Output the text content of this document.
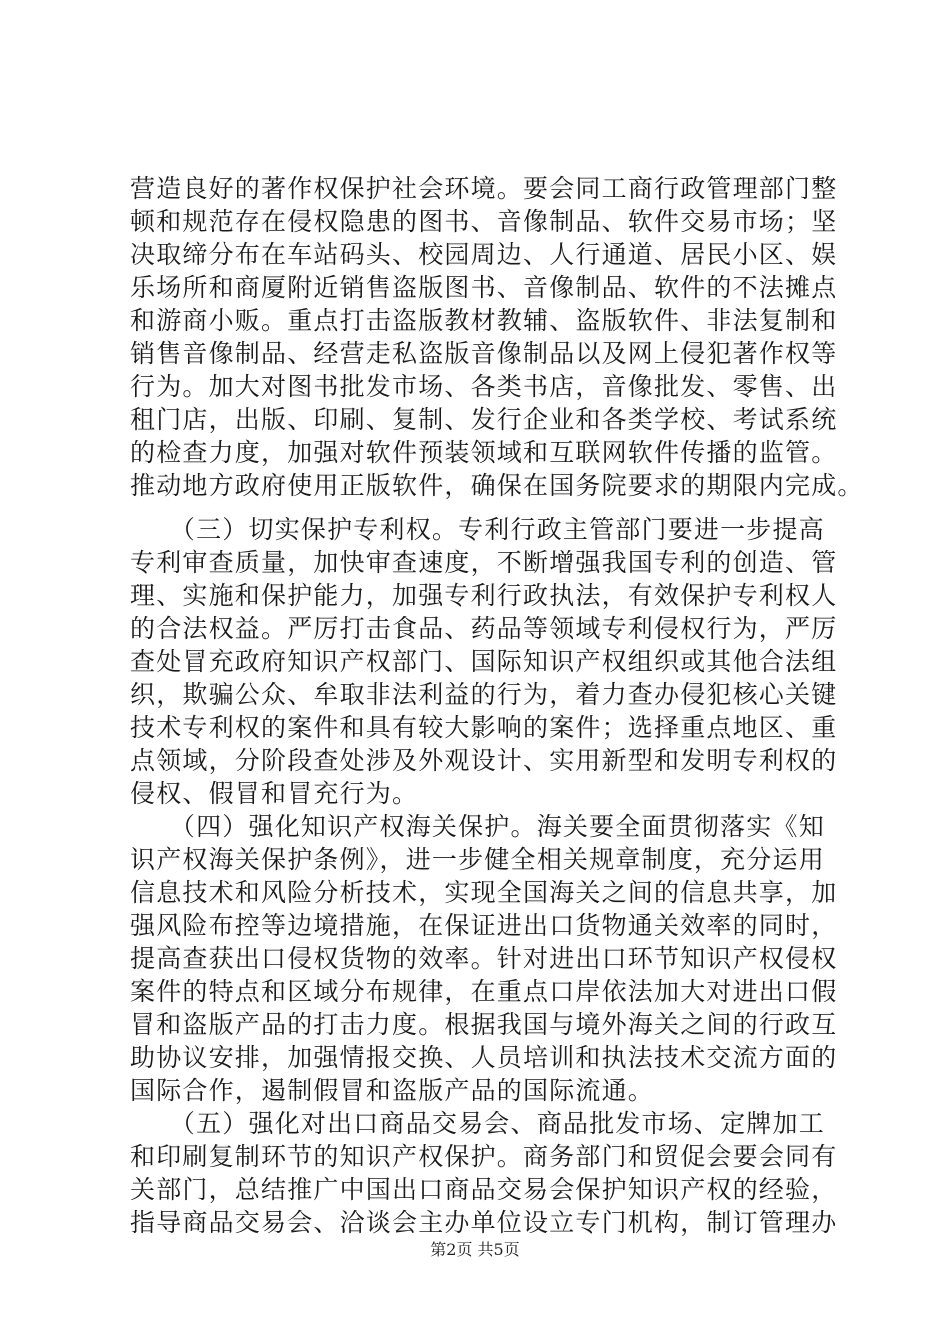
营造良好的著作权保护社会环境。要会同工商行政管理部门整
顿和规范存在侵权隐患的图书、音像制品、软件交易市场；坚
决取缔分布在车站码头、校园周边、人行通道、居民小区、娱
乐场所和商厦附近销售盗版图书、音像制品、软件的不法摊点
和游商小贩。重点打击盗版教材教辅、盗版软件、非法复制和
销售音像制品、经营走私盗版音像制品以及网上侵犯著作权等
行为。加大对图书批发市场、各类书店，音像批发、零售、出
租门店，出版、印刷、复制、发行企业和各类学校、考试系统
的检查力度，加强对软件预装领域和互联网软件传播的监管。
推动地方政府使用正版软件，确保在国务院要求的期限内完成。
　　（三）切实保护专利权。专利行政主管部门要进一步提高
专利审查质量，加快审查速度，不断增强我国专利的创造、管
理、实施和保护能力，加强专利行政执法，有效保护专利权人
的合法权益。严厉打击食品、药品等领域专利侵权行为，严厉
查处冒充政府知识产权部门、国际知识产权组织或其他合法组
织，欺骗公众、牟取非法利益的行为，着力查办侵犯核心关键
技术专利权的案件和具有较大影响的案件；选择重点地区、重
点领域，分阶段查处涉及外观设计、实用新型和发明专利权的
侵权、假冒和冒充行为。
　　（四）强化知识产权海关保护。海关要全面贯彻落实《知
识产权海关保护条例》，进一步健全相关规章制度，充分运用
信息技术和风险分析技术，实现全国海关之间的信息共享，加
强风险布控等边境措施，在保证进出口货物通关效率的同时，
提高查获出口侵权货物的效率。针对进出口环节知识产权侵权
案件的特点和区域分布规律，在重点口岸依法加大对进出口假
冒和盗版产品的打击力度。根据我国与境外海关之间的行政互
助协议安排，加强情报交换、人员培训和执法技术交流方面的
国际合作，遏制假冒和盗版产品的国际流通。
　　（五）强化对出口商品交易会、商品批发市场、定牌加工
和印刷复制环节的知识产权保护。商务部门和贸促会要会同有
关部门，总结推广中国出口商品交易会保护知识产权的经验，
指导商品交易会、洽谈会主办单位设立专门机构，制订管理办
第2页 共5页
